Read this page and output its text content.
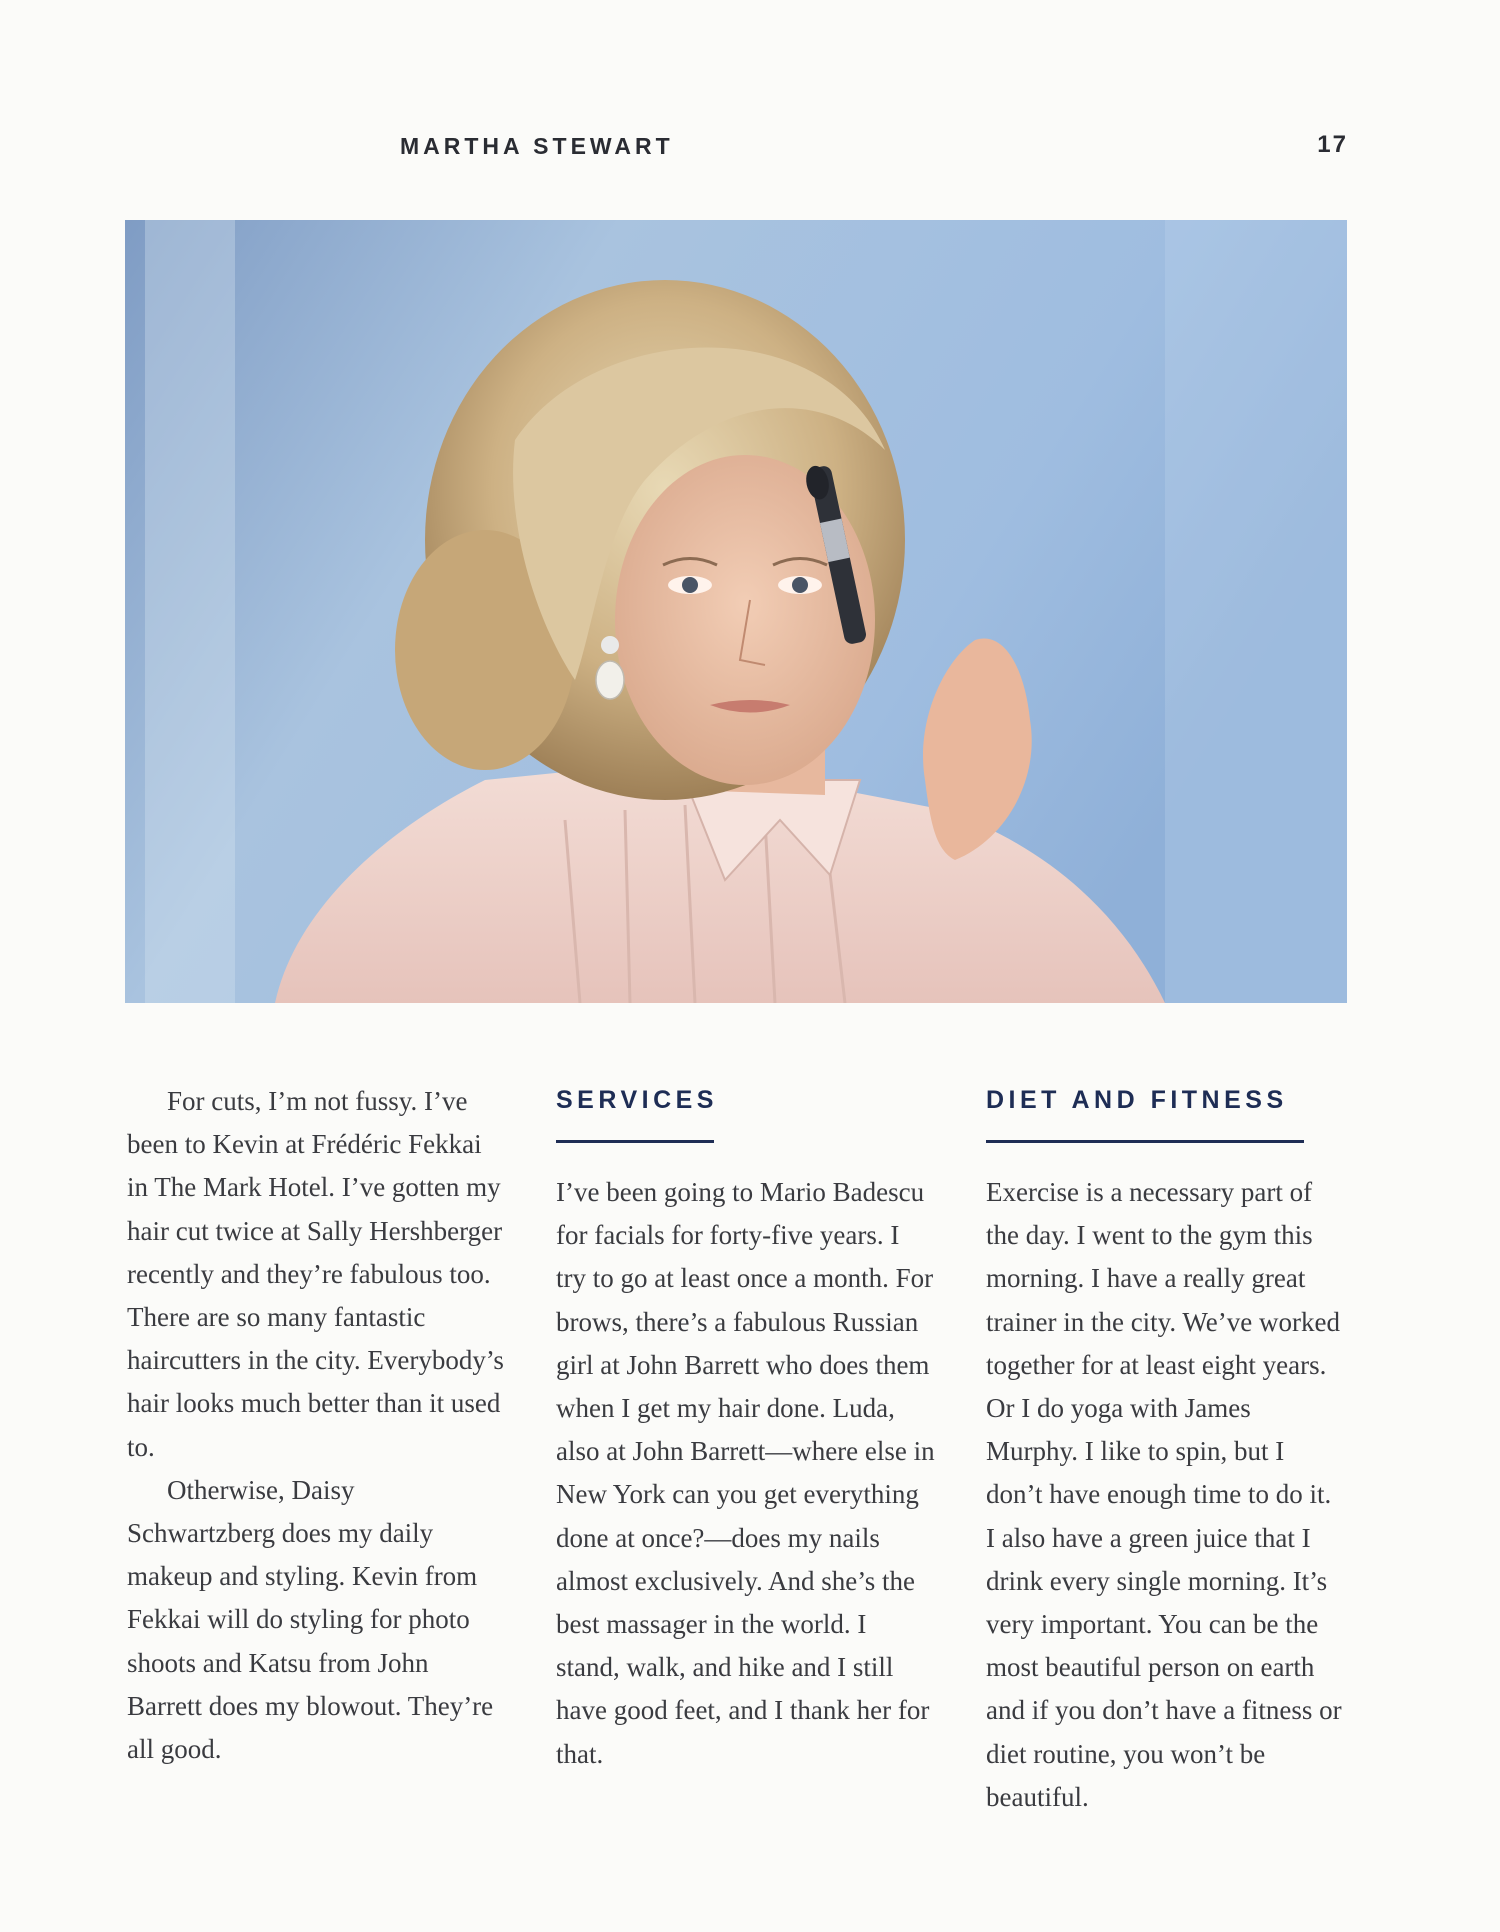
MARTHA STEWART	17

For cuts, I’m not fussy. I’ve been to Kevin at Frédéric Fekkai in The Mark Hotel. I’ve gotten my hair cut twice at Sally Hershberger recently and they’re fabulous too. There are so many fantastic haircutters in the city. Everybody’s hair looks much better than it used to.

Otherwise, Daisy Schwartzberg does my daily makeup and styling. Kevin from Fekkai will do styling for photo shoots and Katsu from John Barrett does my blowout. They’re all good.

SERVICES

I’ve been going to Mario Badescu for facials for forty-five years. I try to go at least once a month. For brows, there’s a fabulous Russian girl at John Barrett who does them when I get my hair done. Luda, also at John Barrett—where else in New York can you get everything done at once?—does my nails almost exclusively. And she’s the best massager in the world. I stand, walk, and hike and I still have good feet, and I thank her for that.

DIET AND FITNESS

Exercise is a necessary part of the day. I went to the gym this morning. I have a really great trainer in the city. We’ve worked together for at least eight years. Or I do yoga with James Murphy. I like to spin, but I don’t have enough time to do it. I also have a green juice that I drink every single morning. It’s very important. You can be the most beautiful person on earth and if you don’t have a fitness or diet routine, you won’t be beautiful.
